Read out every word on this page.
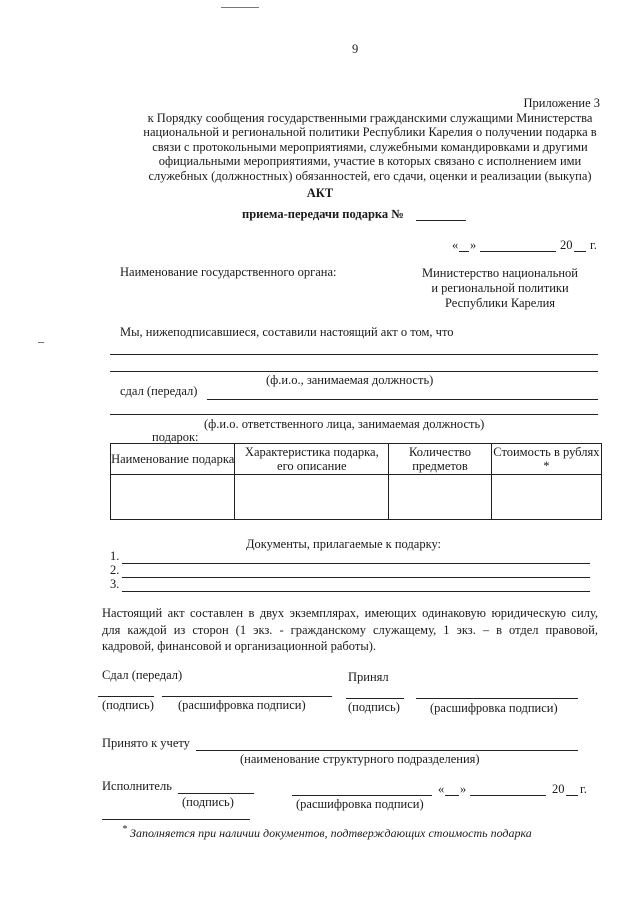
9
Приложение 3
к Порядку сообщения государственными гражданскими служащими Министерства национальной и региональной политики Республики Карелия о получении подарка в связи с протокольными мероприятиями, служебными командировками и другими официальными мероприятиями, участие в которых связано с исполнением ими служебных (должностных) обязанностей, его сдачи, оценки и реализации (выкупа)
АКТ
приема-передачи подарка №
« »	20 г.
Наименование государственного органа:	Министерство национальной
и региональной политики
Республики Карелия
Мы, нижеподписавшиеся, составили настоящий акт о том, что
(ф.и.о., занимаемая должность)
сдал (передал)
(ф.и.о. ответственного лица, занимаемая должность)
подарок:
Наименование подарка	Характеристика подарка, его описание	Количество предметов	Стоимость в рублях *

Документы, прилагаемые к подарку:
1.
2.
3.
Настоящий акт составлен в двух экземплярах, имеющих одинаковую юридическую силу, для каждой из сторон (1 экз. - гражданскому служащему, 1 экз. – в отдел правовой, кадровой, финансовой и организационной работы).
Сдал (передал)	Принял
(подпись) (расшифровка подписи)	(подпись) (расшифровка подписи)
Принято к учету
(наименование структурного подразделения)
Исполнитель	« »	20 г.
(подпись)	(расшифровка подписи)
* Заполняется при наличии документов, подтверждающих стоимость подарка
